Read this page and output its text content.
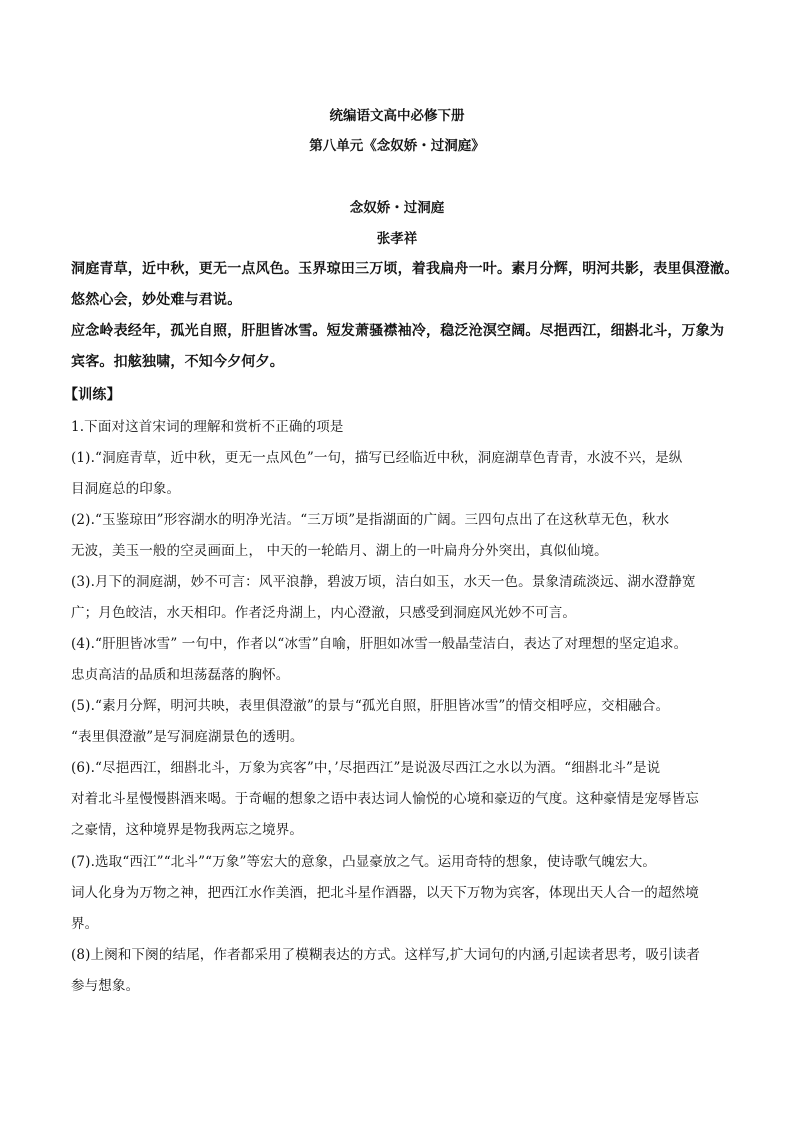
统编语文高中必修下册
第八单元《念奴娇・过洞庭》
念奴娇・过洞庭
张孝祥
洞庭青草，近中秋，更无一点风色。玉界琼田三万顷，着我扁舟一叶。素月分辉，明河共影，表里俱澄澈。
悠然心会，妙处难与君说。
应念岭表经年，孤光自照，肝胆皆冰雪。短发萧骚襟袖冷，稳泛沧溟空阔。尽挹西江，细斟北斗，万象为
宾客。扣舷独啸，不知今夕何夕。
【训练】
1.下面对这首宋词的理解和赏析不正确的项是
(1).“洞庭青草，近中秋，更无一点风色”一句，描写已经临近中秋，洞庭湖草色青青，水波不兴，是纵
目洞庭总的印象。
(2).“玉鉴琼田”形容湖水的明净光洁。“三万顷”是指湖面的广阔。三四句点出了在这秋草无色，秋水
无波，美玉一般的空灵画面上， 中天的一轮皓月、湖上的一叶扁舟分外突出，真似仙境。
(3).月下的洞庭湖，妙不可言：风平浪静，碧波万顷，洁白如玉，水天一色。景象清疏淡远、湖水澄静宽
广；月色皎洁，水天相印。作者泛舟湖上，内心澄澈，只感受到洞庭风光妙不可言。
(4).“肝胆皆冰雪” 一句中，作者以“冰雪”自喻，肝胆如冰雪一般晶莹洁白，表达了对理想的坚定追求。
忠贞高洁的品质和坦荡磊落的胸怀。
(5).“素月分辉，明河共映，表里俱澄澈”的景与“孤光自照，肝胆皆冰雪”的情交相呼应，交相融合。
“表里俱澄澈”是写洞庭湖景色的透明。
(6).“尽挹西江，细斟北斗，万象为宾客”中，’尽挹西江”是说汲尽西江之水以为酒。“细斟北斗”是说
对着北斗星慢慢斟酒来喝。于奇崛的想象之语中表达词人愉悦的心境和豪迈的气度。这种豪情是宠辱皆忘
之豪情，这种境界是物我两忘之境界。
(7).选取“西江”“北斗”“万象”等宏大的意象，凸显豪放之气。运用奇特的想象，使诗歌气魄宏大。
词人化身为万物之神，把西江水作美酒，把北斗星作酒器，以天下万物为宾客，体现出天人合一的超然境
界。
(8)上阕和下阕的结尾，作者都采用了模糊表达的方式。这样写,扩大词句的内涵,引起读者思考，吸引读者
参与想象。
